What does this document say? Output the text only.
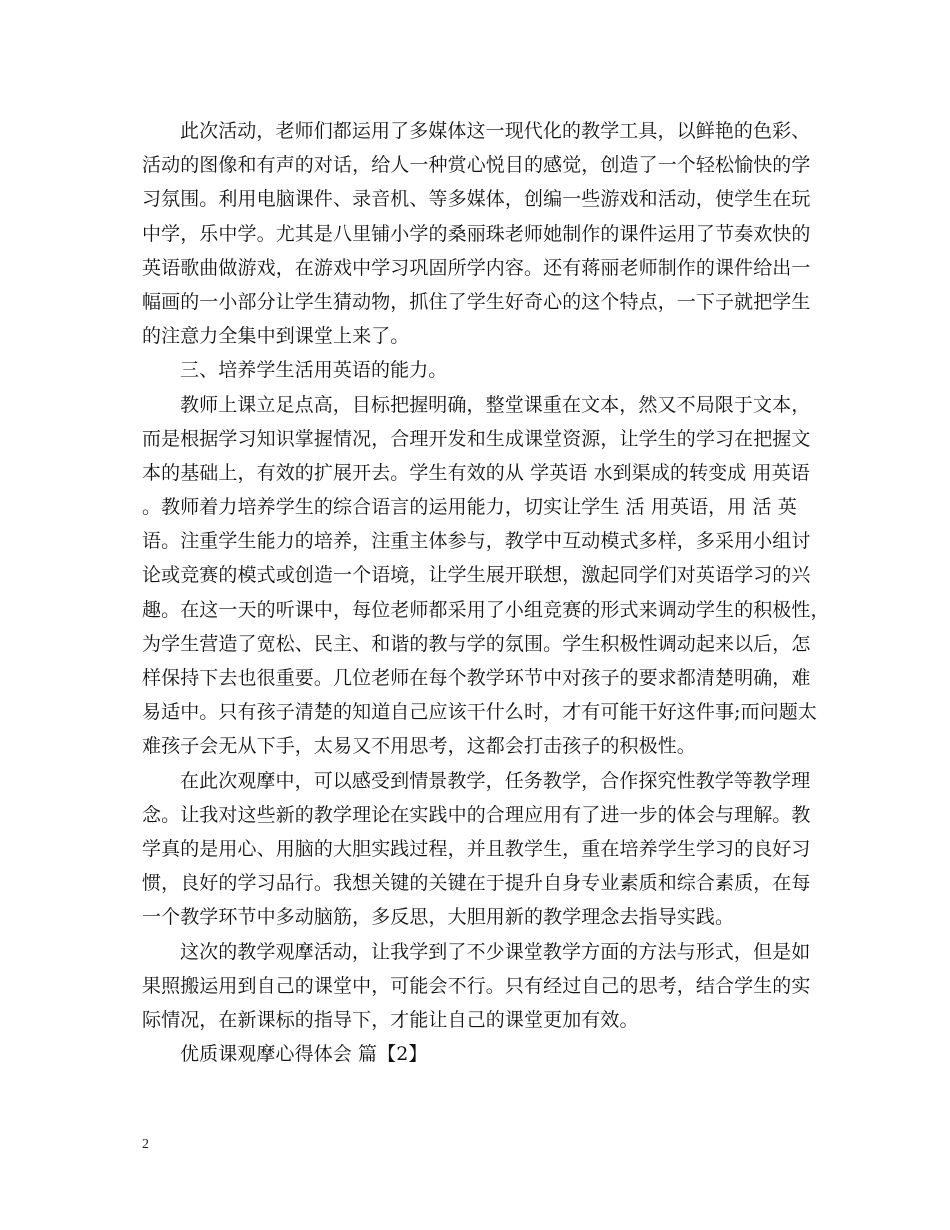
此次活动，老师们都运用了多媒体这一现代化的教学工具，以鲜艳的色彩、
活动的图像和有声的对话，给人一种赏心悦目的感觉，创造了一个轻松愉快的学
习氛围。利用电脑课件、录音机、等多媒体，创编一些游戏和活动，使学生在玩
中学，乐中学。尤其是八里铺小学的桑丽珠老师她制作的课件运用了节奏欢快的
英语歌曲做游戏，在游戏中学习巩固所学内容。还有蒋丽老师制作的课件给出一
幅画的一小部分让学生猜动物，抓住了学生好奇心的这个特点，一下子就把学生
的注意力全集中到课堂上来了。
三、培养学生活用英语的能力。
教师上课立足点高，目标把握明确，整堂课重在文本，然又不局限于文本，
而是根据学习知识掌握情况，合理开发和生成课堂资源，让学生的学习在把握文
本的基础上，有效的扩展开去。学生有效的从 学英语 水到渠成的转变成 用英语
。教师着力培养学生的综合语言的运用能力，切实让学生 活 用英语，用 活 英
语。注重学生能力的培养，注重主体参与，教学中互动模式多样，多采用小组讨
论或竞赛的模式或创造一个语境，让学生展开联想，激起同学们对英语学习的兴
趣。在这一天的听课中，每位老师都采用了小组竞赛的形式来调动学生的积极性，
为学生营造了宽松、民主、和谐的教与学的氛围。学生积极性调动起来以后，怎
样保持下去也很重要。几位老师在每个教学环节中对孩子的要求都清楚明确，难
易适中。只有孩子清楚的知道自己应该干什么时，才有可能干好这件事;而问题太
难孩子会无从下手，太易又不用思考，这都会打击孩子的积极性。
在此次观摩中，可以感受到情景教学，任务教学，合作探究性教学等教学理
念。让我对这些新的教学理论在实践中的合理应用有了进一步的体会与理解。教
学真的是用心、用脑的大胆实践过程，并且教学生，重在培养学生学习的良好习
惯，良好的学习品行。我想关键的关键在于提升自身专业素质和综合素质，在每
一个教学环节中多动脑筋，多反思，大胆用新的教学理念去指导实践。
这次的教学观摩活动，让我学到了不少课堂教学方面的方法与形式，但是如
果照搬运用到自己的课堂中，可能会不行。只有经过自己的思考，结合学生的实
际情况，在新课标的指导下，才能让自己的课堂更加有效。
优质课观摩心得体会 篇【2】
2
